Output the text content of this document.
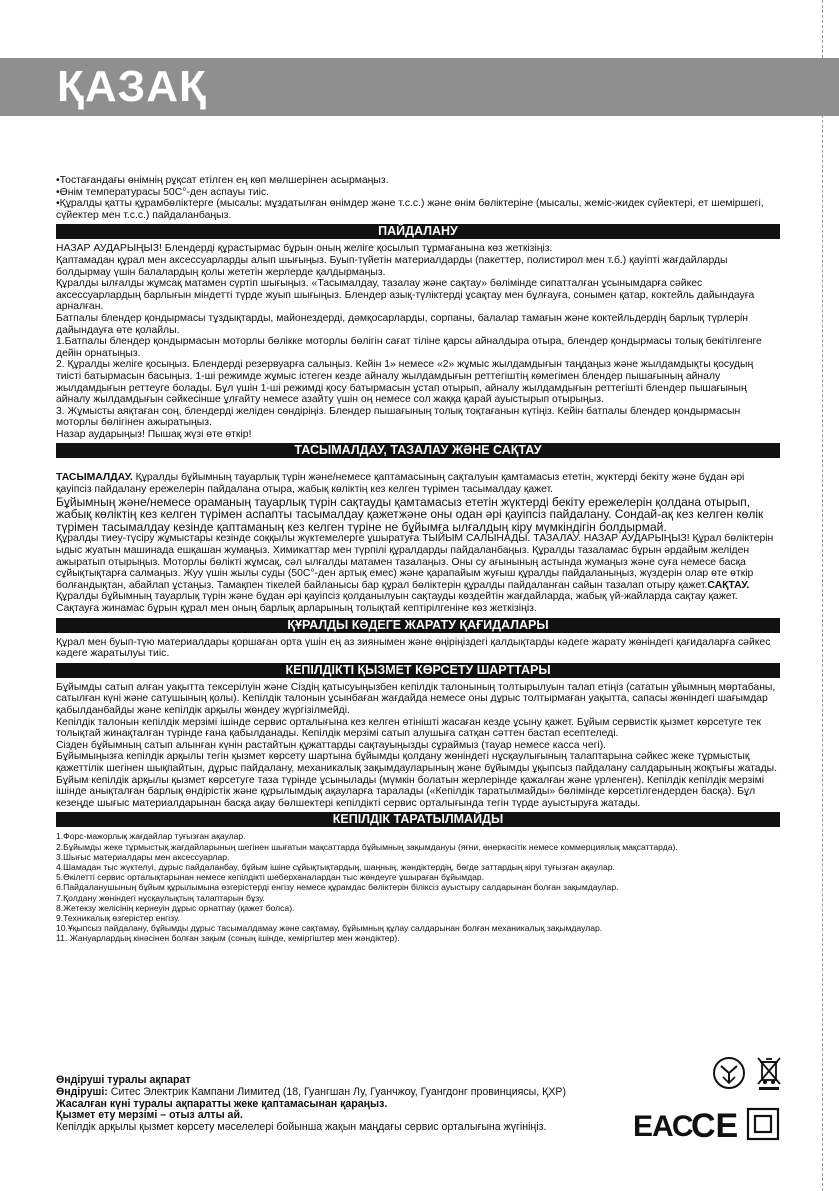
ҚАЗАҚ

•Тостағандағы өнімнің рұқсат етілген ең көп мөлшерінен асырмаңыз.

•Өнім температурасы 50С°-ден аспауы тиіс.

•Құралды қатты құрамбөліктерге (мысалы: мұздатылған өнімдер және т.с.с.) және өнім бөліктеріне (мысалы, жеміс-жидек сүйектері, ет шеміршегі, сүйектер мен т.с.с.) пайдаланбаңыз.

ПАЙДАЛАНУ

НАЗАР АУДАРЫҢЫЗ! Блендерді құрастырмас бұрын оның желіге қосылып тұрмағанына көз жеткізіңіз.

Қаптамадан құрал мен аксессуарларды алып шығыңыз. Буып-түйетін материалдарды (пакеттер, полистирол мен т.б.) қауіпті жағдайларды болдырмау үшін балалардың қолы жететін жерлерде қалдырмаңыз.

Құралды ылғалды жұмсақ матамен сүртіп шығыңыз. «Тасымалдау, тазалау және сақтау» бөлімінде сипатталған ұсынымдарға сәйкес аксессуарлардың барлығын міндетті түрде жуып шығыңыз. Блендер азық-түліктерді ұсақтау мен бұлғауға, сонымен қатар, коктейль дайындауға арналған.

Батпалы блендер қондырмасы тұздықтарды, майонездерді, дәмқосарларды, сорпаны, балалар тамағын және коктейльдердің барлық түрлерін дайындауға өте қолайлы.

1.Батпалы блендер қондырмасын моторлы бөлікке моторлы бөлігін сағат тіліне қарсы айналдыра отыра, блендер қондырмасы толық бекітілгенге дейін орнатыңыз.

2. Құралды желіге қосыңыз. Блендерді резервуарға салыңыз. Кейін 1» немесе «2» жұмыс жылдамдығын таңдаңыз және жылдамдықты қосудың тиісті батырмасын басыңыз. 1-ші режимде жұмыс істеген кезде айналу жылдамдығын реттегіштің көмегімен блендер пышағының айналу жылдамдығын реттеуге болады. Бұл үшін 1-ші режимді қосу батырмасын ұстап отырып, айналу жылдамдығын реттегішті блендер пышағының айналу жылдамдығын сәйкесінше ұлғайту немесе азайту үшін оң немесе сол жаққа қарай ауыстырып отырыңыз.

3. Жұмысты аяқтаған соң, блендерді желіден сөндіріңіз. Блендер пышағының толық тоқтағанын күтіңіз. Кейін батпалы блендер қондырмасын моторлы бөлігінен ажыратыңыз.

Назар аударыңыз! Пышақ жүзі өте өткір!

ТАСЫМАЛДАУ, ТАЗАЛАУ ЖӘНЕ САҚТАУ

ТАСЫМАЛДАУ. Құралды бұйымның тауарлық түрін және/немесе қаптамасының сақталуын қамтамасыз ететін, жүктерді бекіту және бұдан әрі қауіпсіз пайдалану ережелерін пайдалана отыра, жабық көліктің кез келген түрімен тасымалдау қажет.

Бұйымның және/немесе ораманың тауарлық түрін сақтауды қамтамасыз ететін жүктерді бекіту ережелерін қолдана отырып, жабық көліктің кез келген түрімен аспапты тасымалдау қажетжәне оны одан әрі қауіпсіз пайдалану. Сондай-ақ кез келген көлік түрімен тасымалдау кезінде қаптаманың кез келген түріне не бұйымға ылғалдың кіру мүмкіндігін болдырмай.

Құралды тиеу-түсіру жұмыстары кезінде соққылы жүктемелерге ұшыратуға ТЫЙЫМ САЛЫНАДЫ. ТАЗАЛАУ. НАЗАР АУДАРЫҢЫЗ! Құрал бөліктерін ыдыс жуатын машинада ешқашан жумаңыз. Химикаттар мен түрпілі құралдарды пайдаланбаңыз. Құралды тазаламас бұрын әрдайым желіден ажыратып отырыңыз. Моторлы бөлікті жұмсақ, сәл ылғалды матамен тазалаңыз. Оны су ағынының астында жумаңыз және суға немесе басқа сұйықтықтарға салмаңыз. Жуу үшін жылы суды (50С°-ден артық емес) және қарапайым жуғыш құралды пайдаланыңыз, жүздерін олар өте өткір болғандықтан, абайлап ұстаңыз. Тамақпен тікелей байланысы бар құрал бөліктерін құралды пайдаланған сайын тазалап отыру қажет.САҚТАУ. Құралды бұйымның тауарлық түрін және бұдан әрі қауіпсіз қолданылуын сақтауды көздейтін жағдайларда, жабық үй-жайларда сақтау қажет. Сақтауға жинамас бұрын құрал мен оның барлық арларының толықтай кептірілгеніне көз жеткізіңіз.

ҚҰРАЛДЫ КӘДЕГЕ ЖАРАТУ ҚАҒИДАЛАРЫ

Құрал мен буып-түю материалдары қоршаған орта үшін ең аз зиянымен және өңіріңіздегі қалдықтарды кәдеге жарату жөніндегі қағидаларға сәйкес кәдеге жаратылуы тиіс.

КЕПІЛДІКТІ ҚЫЗМЕТ КӨРСЕТУ ШАРТТАРЫ

Бұйымды сатып алған уақытта тексерілуін және Сіздің қатысуыңызбен кепілдік талонының толтырылуын талап етіңіз (сататын ұйымның мөртабаны, сатылған күні және сатушының қолы). Кепілдік талонын ұсынбаған жағдайда немесе оны дұрыс толтырмаған уақытта, сапасы жөніндегі шағымдар қабылданбайды және кепілдік арқылы жөндеу жүргізілмейді.

Кепілдік талонын кепілдік мерзімі ішінде сервис орталығына кез келген өтінішті жасаған кезде ұсыну қажет. Бұйым сервистік қызмет көрсетуге тек толықтай жинақталған түрінде ғана қабылданады. Кепілдік мерзімі сатып алушыға сатқан сәттен бастап есептеледі.

Сізден бұйымның сатып алынған күнін растайтын құжаттарды сақтауыңызды сұраймыз (тауар немесе касса чегі).

Бұйымыңызға кепілдік арқылы тегін қызмет көрсету шартына бұйымды қолдану жөніндегі нұсқаулығының талаптарына сәйкес жеке тұрмыстық қажеттілік шегінен шықпайтын, дұрыс пайдалану, механикалық зақымдауларының және бұйымды ұқыпсыз пайдалану салдарының жоқтығы жатады. Бұйым кепілдік арқылы қызмет көрсетуге таза түрінде ұсынылады (мүмкін болатын жерлеріндe қажалған және үрленген). Кепілдік кепілдік мерзімі ішінде анықталған барлық өндірістік және құрылымдық ақауларға таралады («Кепілдік таратылмайды» бөлімінде көрсетілгендерден басқа). Бұл кезеңде шығыс материалдарынан басқа ақау бөлшектері кепілдікті сервис орталығында тегін түрде ауыстыруға жатады.

КЕПІЛДІК ТАРАТЫЛМАЙДЫ

1.Форс-мажорлық жағдайлар туғызған ақаулар.

2.Бұйымды жеке тұрмыстық жағдайларының шегінен шығатын мақсаттарда бұйымның зақымдануы (яғни, өнеркәсітік немесе коммерциялық мақсаттарда).

3.Шығыс материалдары мен аксессуарлар.

4.Шамадан тыс жүктелуі, дұрыс пайдаланбау, бұйым ішіне сұйықтықтардың, шаңның, жәндіктердің, бөгде заттардың кіруі туғызған ақаулар.

5.Өкілетті сервис орталықтарынан немесе кепілдікті шеберханалардан тыс жөндеуге ұшыраған бұйымдар.

6.Пайдаланушының бұйым құрылымына өзгерістерді енгізу немесе құрамдас бөліктерін біліксіз ауыстыру салдарынан болған зақымдаулар.

7.Қолдану жөніндегі нұсқаулықтың талаптарын бұзу.

8.Жетекзу желісінің кернеуін дұрыс орнатпау (қажет болса).

9.Техникалық өзгерістер енгізу.

10.Ұқыпсыз пайдалану, бұйымды дұрыс тасымалдамау және сақтамау, бұйымның құлау салдарынан болған механикалық зақымдаулар.

11. Жануарлардың кінәсінен болған зақым (соның ішінде, кеміргіштер мен жәндіктер).

Өндіруші туралы ақпарат

Өндіруші: Ситес Электрик Кампани Лимитед (18, Гуангшан Лу, Гуанчжоу, Гуангдонг провинциясы, ҚХР)

Жасалған күні туралы ақпаратты жеке қаптамасынан қараңыз.

Қызмет ету мерзімі – отыз алты ай.

Кепілдік арқылы қызмет көрсету мәселелері бойынша жақын маңдағы сервис орталығына жүгініңіз.	ЕАС
CE
